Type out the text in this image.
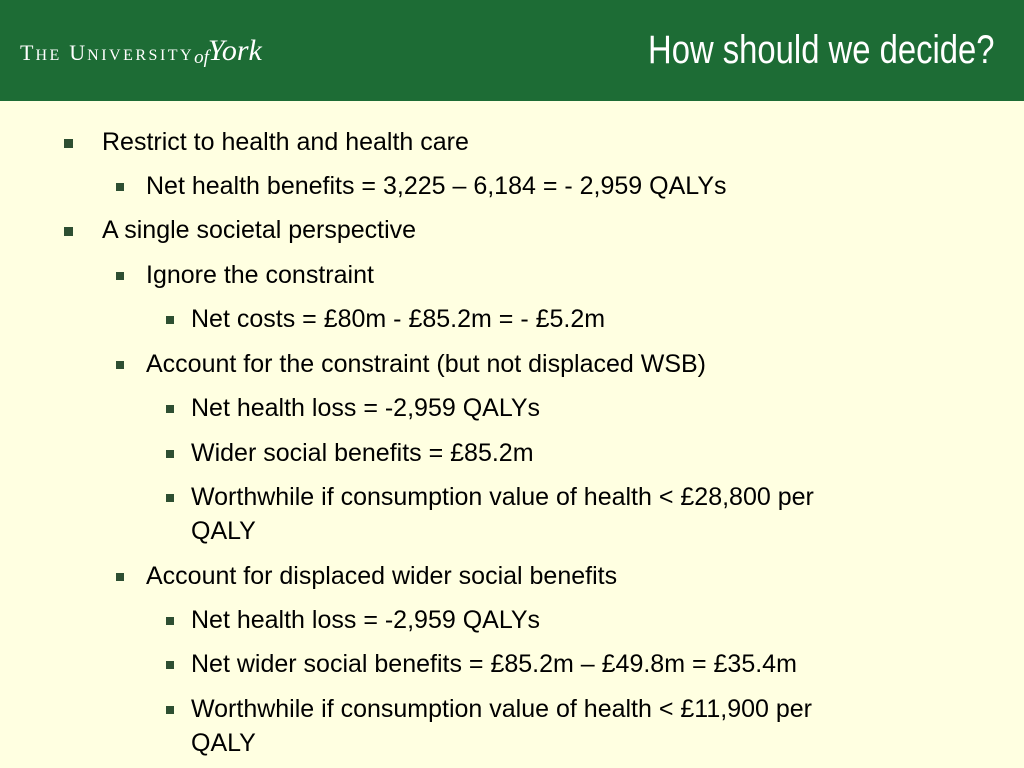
THE UNIVERSITYofYork	How should we decide?
Restrict to health and health care
Net health benefits = 3,225 – 6,184 = - 2,959 QALYs
A single societal perspective
Ignore the constraint
Net costs = £80m - £85.2m = - £5.2m
Account for the constraint (but not displaced WSB)
Net health loss = -2,959 QALYs
Wider social benefits = £85.2m
Worthwhile if consumption value of health < £28,800 per
QALY
Account for displaced wider social benefits
Net health loss = -2,959 QALYs
Net wider social benefits = £85.2m – £49.8m = £35.4m
Worthwhile if consumption value of health < £11,900 per
QALY
